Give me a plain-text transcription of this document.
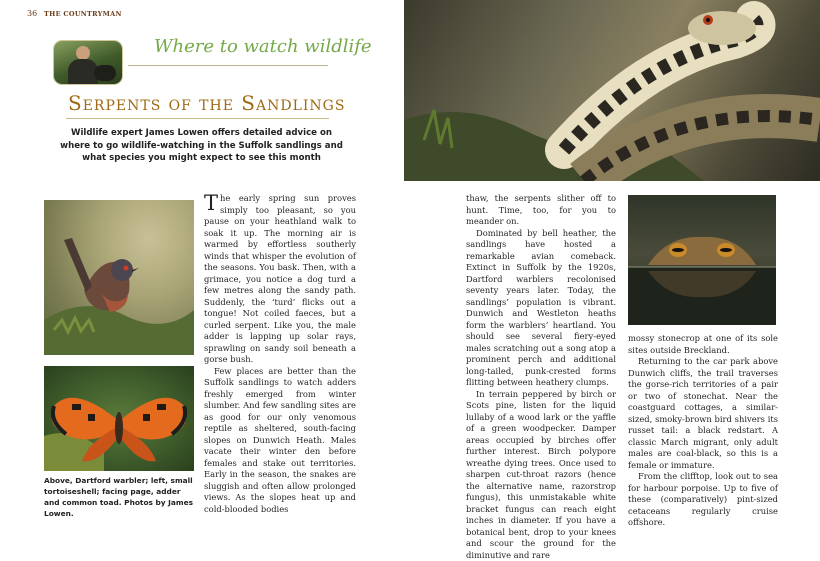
36 THE COUNTRYMAN
Where to watch wildlife
Serpents of the Sandlings
Wildlife expert James Lowen offers detailed advice on where to go wildlife-watching in the Suffolk sandlings and what species you might expect to see this month
Above, Dartford warbler; left, small tortoiseshell; facing page, adder and common toad. Photos by James Lowen.

The early spring sun proves simply too pleasant, so you pause on your heathland walk to soak it up. The morning air is warmed by effortless southerly winds that whisper the evolution of the seasons. You bask. Then, with a grimace, you notice a dog turd a few metres along the sandy path. Suddenly, the ‘turd’ flicks out a tongue! Not coiled faeces, but a curled serpent. Like you, the male adder is lapping up solar rays, sprawling on sandy soil beneath a gorse bush.

Few places are better than the Suffolk sandlings to watch adders freshly emerged from winter slumber. And few sandling sites are as good for our only venomous reptile as sheltered, south-facing slopes on Dunwich Heath. Males vacate their winter den before females and stake out territories. Early in the season, the snakes are sluggish and often allow prolonged views. As the slopes heat up and cold-blooded bodies

thaw, the serpents slither off to hunt. Time, too, for you to meander on.

Dominated by bell heather, the sandlings have hosted a remarkable avian comeback. Extinct in Suffolk by the 1920s, Dartford warblers recolonised seventy years later. Today, the sandlings’ population is vibrant. Dunwich and Westleton heaths form the warblers’ heartland. You should see several fiery-eyed males scratching out a song atop a prominent perch and additional long-tailed, punk-crested forms flitting between heathery clumps.

In terrain peppered by birch or Scots pine, listen for the liquid lullaby of a wood lark or the yaffle of a green woodpecker. Damper areas occupied by birches offer further interest. Birch polypore wreathe dying trees. Once used to sharpen cut-throat razors (hence the alternative name, razorstrop fungus), this unmistakable white bracket fungus can reach eight inches in diameter. If you have a botanical bent, drop to your knees and scour the ground for the diminutive and rare

mossy stonecrop at one of its sole sites outside Breckland.

Returning to the car park above Dunwich cliffs, the trail traverses the gorse-rich territories of a pair or two of stonechat. Near the coastguard cottages, a similar-sized, smoky-brown bird shivers its russet tail: a black redstart. A classic March migrant, only adult males are coal-black, so this is a female or immature.

From the clifftop, look out to sea for harbour porpoise. Up to five of these (comparatively) pint-sized cetaceans regularly cruise offshore.
